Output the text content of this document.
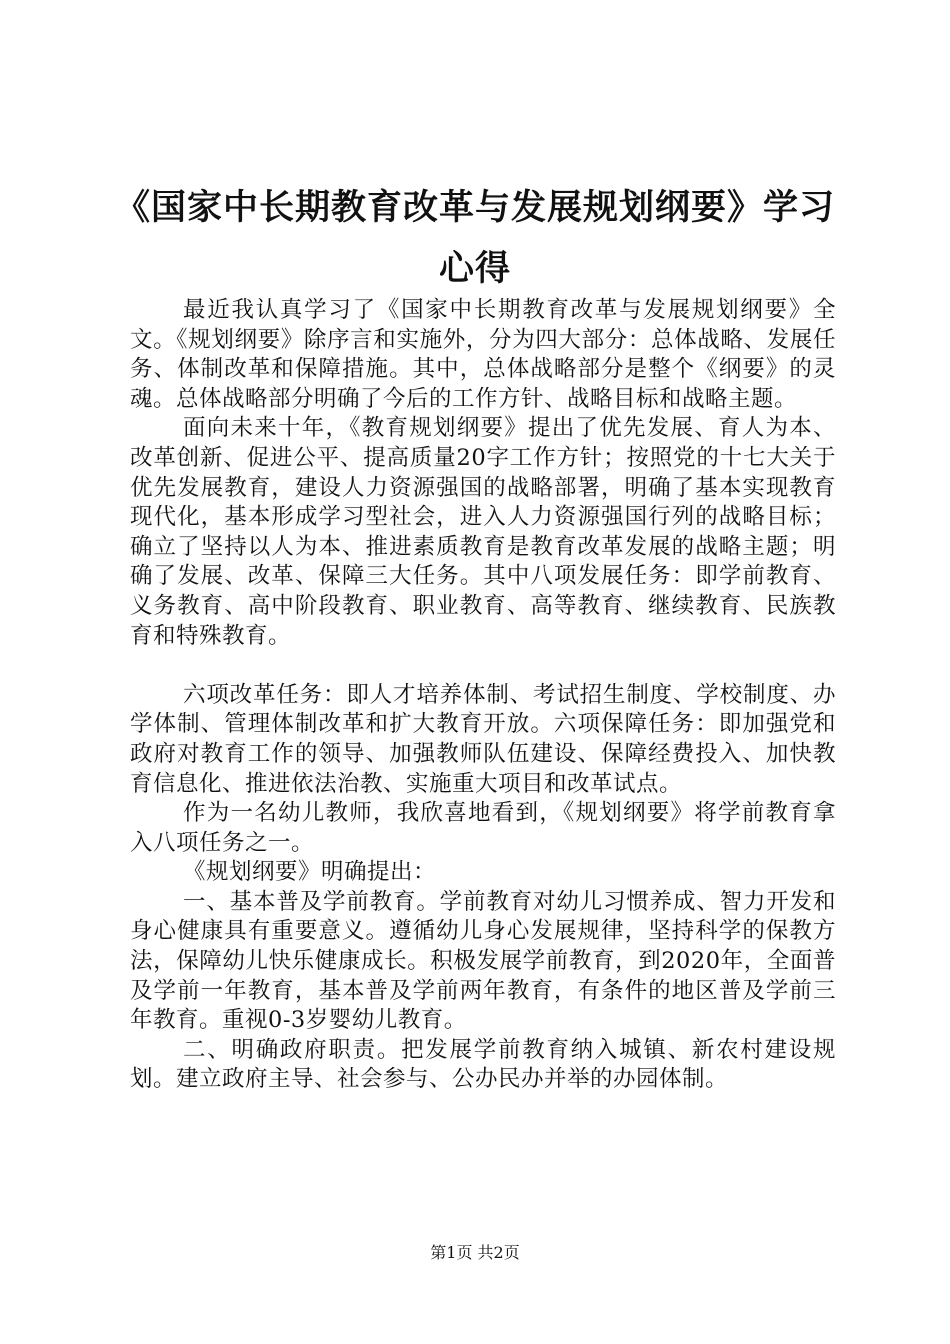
《国家中长期教育改革与发展规划纲要》学习
心得

最近我认真学习了《国家中长期教育改革与发展规划纲要》全文。《规划纲要》除序言和实施外，分为四大部分：总体战略、发展任务、体制改革和保障措施。其中，总体战略部分是整个《纲要》的灵魂。总体战略部分明确了今后的工作方针、战略目标和战略主题。

面向未来十年，《教育规划纲要》提出了优先发展、育人为本、改革创新、促进公平、提高质量20字工作方针；按照党的十七大关于优先发展教育，建设人力资源强国的战略部署，明确了基本实现教育现代化，基本形成学习型社会，进入人力资源强国行列的战略目标；确立了坚持以人为本、推进素质教育是教育改革发展的战略主题；明确了发展、改革、保障三大任务。其中八项发展任务：即学前教育、义务教育、高中阶段教育、职业教育、高等教育、继续教育、民族教育和特殊教育。

六项改革任务：即人才培养体制、考试招生制度、学校制度、办学体制、管理体制改革和扩大教育开放。六项保障任务：即加强党和政府对教育工作的领导、加强教师队伍建设、保障经费投入、加快教育信息化、推进依法治教、实施重大项目和改革试点。

作为一名幼儿教师，我欣喜地看到，《规划纲要》将学前教育拿入八项任务之一。

《规划纲要》明确提出：

一、基本普及学前教育。学前教育对幼儿习惯养成、智力开发和身心健康具有重要意义。遵循幼儿身心发展规律，坚持科学的保教方法，保障幼儿快乐健康成长。积极发展学前教育，到2020年，全面普及学前一年教育，基本普及学前两年教育，有条件的地区普及学前三年教育。重视0-3岁婴幼儿教育。

二、明确政府职责。把发展学前教育纳入城镇、新农村建设规划。建立政府主导、社会参与、公办民办并举的办园体制。

第1页 共2页
